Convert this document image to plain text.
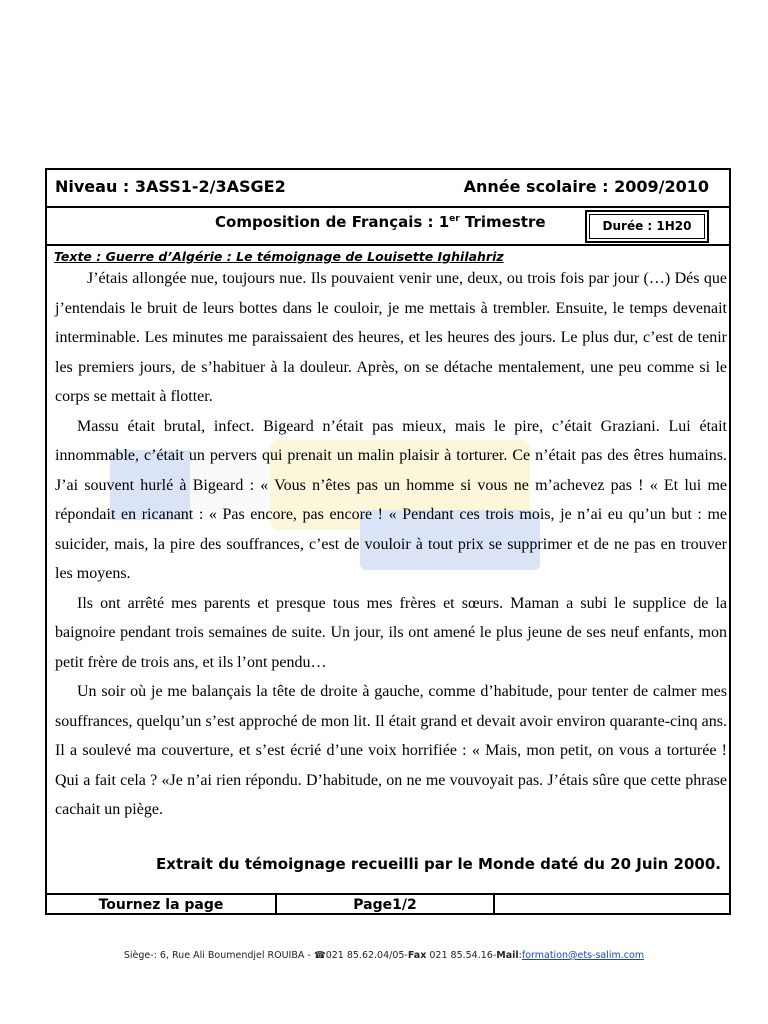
Niveau : 3ASS1-2/3ASGE2	Année scolaire : 2009/2010
Composition de Français : 1er Trimestre	Durée : 1H20
Texte : Guerre d’Algérie : Le témoignage de Louisette Ighilahriz

J’étais allongée nue, toujours nue. Ils pouvaient venir une, deux, ou trois fois par jour (…) Dés que j’entendais le bruit de leurs bottes dans le couloir, je me mettais à trembler. Ensuite, le temps devenait interminable. Les minutes me paraissaient des heures, et les heures des jours. Le plus dur, c’est de tenir les premiers jours, de s’habituer à la douleur. Après, on se détache mentalement, une peu comme si le corps se mettait à flotter.

Massu était brutal, infect. Bigeard n’était pas mieux, mais le pire, c’était Graziani. Lui était innommable, c’était un pervers qui prenait un malin plaisir à torturer. Ce n’était pas des êtres humains. J’ai souvent hurlé à Bigeard : « Vous n’êtes pas un homme si vous ne m’achevez pas ! « Et lui me répondait en ricanant : « Pas encore, pas encore ! « Pendant ces trois mois, je n’ai eu qu’un but : me suicider, mais, la pire des souffrances, c’est de vouloir à tout prix se supprimer et de ne pas en trouver les moyens.

Ils ont arrêté mes parents et presque tous mes frères et sœurs. Maman a subi le supplice de la baignoire pendant trois semaines de suite. Un jour, ils ont amené le plus jeune de ses neuf enfants, mon petit frère de trois ans, et ils l’ont pendu…

Un soir où je me balançais la tête de droite à gauche, comme d’habitude, pour tenter de calmer mes souffrances, quelqu’un s’est approché de mon lit. Il était grand et devait avoir environ quarante-cinq ans. Il a soulevé ma couverture, et s’est écrié d’une voix horrifiée : « Mais, mon petit, on vous a torturée ! Qui a fait cela ? «Je n’ai rien répondu. D’habitude, on ne me vouvoyait pas. J’étais sûre que cette phrase cachait un piège.

Extrait du témoignage recueilli par le Monde daté du 20 Juin 2000.
Tournez la page	Page1/2
Siège-: 6, Rue Ali Boumendjel ROUIBA - ☎021 85.62.04/05-Fax 021 85.54.16-Mail:formation@ets-salim.com
